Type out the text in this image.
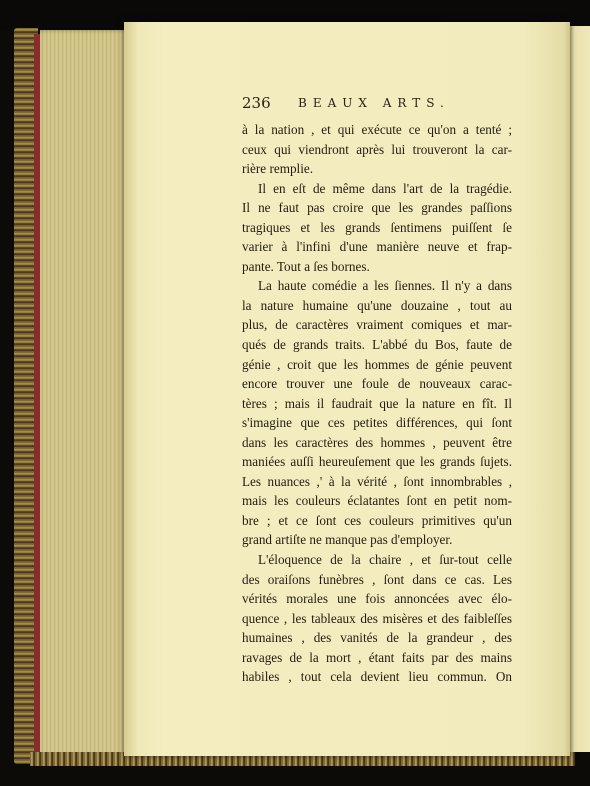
236 BEAUX ARTS.
à la nation , et qui exécute ce qu'on a tenté ;
ceux qui viendront après lui trouveront la car-
rière remplie.
Il en eſt de même dans l'art de la tragédie.
Il ne faut pas croire que les grandes paſſions
tragiques et les grands ſentimens puiſſent ſe
varier à l'infini d'une manière neuve et frap-
pante. Tout a ſes bornes.
La haute comédie a les ſiennes. Il n'y a dans
la nature humaine qu'une douzaine , tout au
plus, de caractères vraiment comiques et mar-
qués de grands traits. L'abbé du Bos, faute de
génie , croit que les hommes de génie peuvent
encore trouver une foule de nouveaux carac-
tères ; mais il faudrait que la nature en fît. Il
s'imagine que ces petites différences, qui ſont
dans les caractères des hommes , peuvent être
maniées auſſi heureuſement que les grands ſujets.
Les nuances ,' à la vérité , ſont innombrables ,
mais les couleurs éclatantes ſont en petit nom-
bre ; et ce ſont ces couleurs primitives qu'un
grand artiſte ne manque pas d'employer.
L'éloquence de la chaire , et ſur-tout celle
des oraiſons funèbres , ſont dans ce cas. Les
vérités morales une fois annoncées avec élo-
quence , les tableaux des misères et des faibleſſes
humaines , des vanités de la grandeur , des
ravages de la mort , étant faits par des mains
habiles , tout cela devient lieu commun. On
